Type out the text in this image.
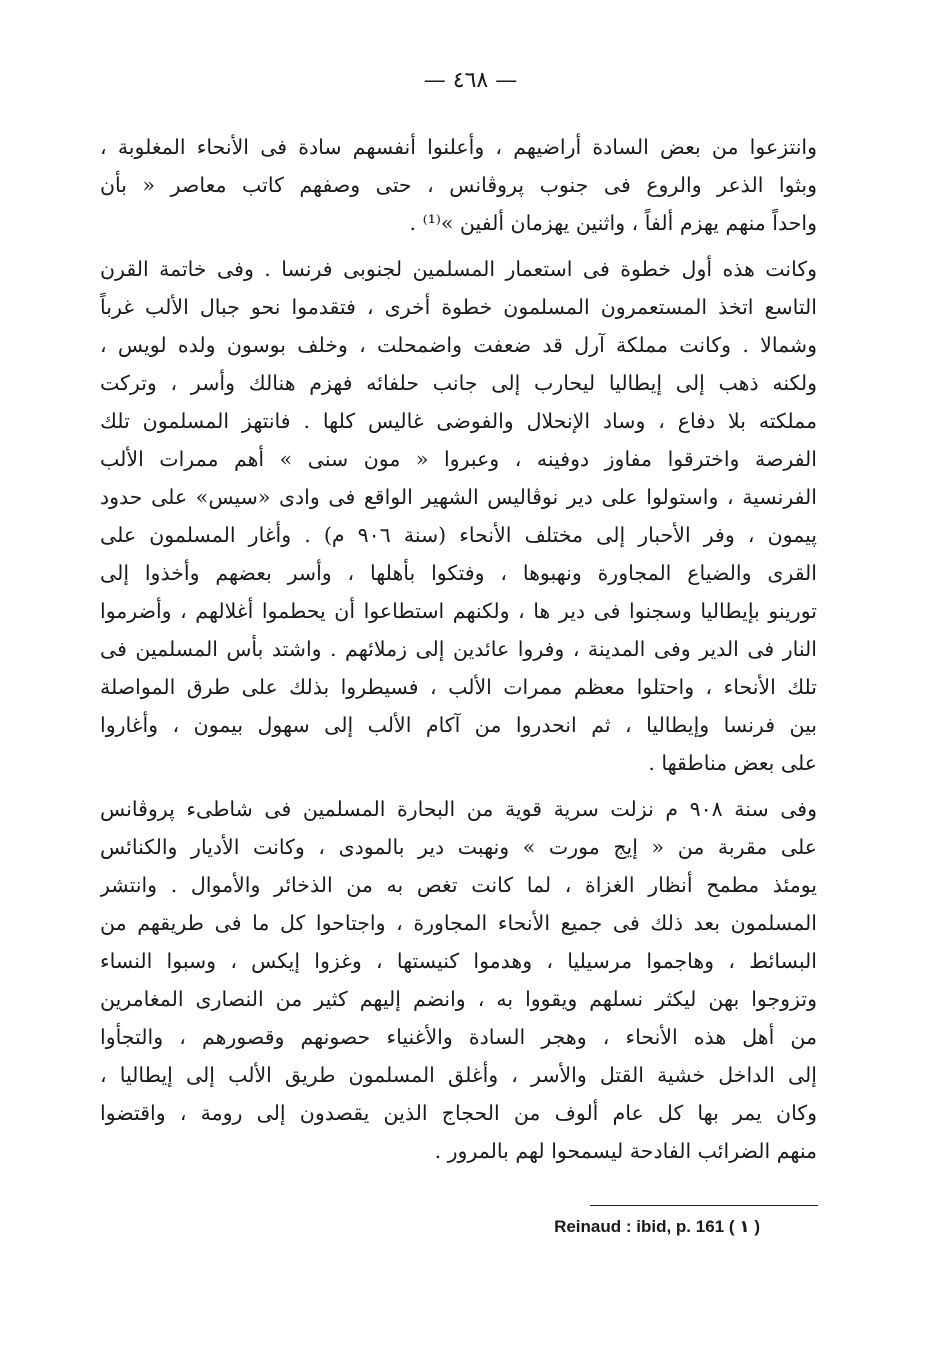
— ٤٦٨ —
وانتزعوا من بعض السادة أراضيهم ، وأعلنوا أنفسهم سادة فى الأنحاء المغلوبة ،
وبثوا الذعر والروع فى جنوب پروڤانس ، حتى وصفهم كاتب معاصر « بأن
واحداً منهم يهزم ألفاً ، واثنين يهزمان ألفين »⁽¹⁾ .
وكانت هذه أول خطوة فى استعمار المسلمين لجنوبى فرنسا . وفى خاتمة القرن
التاسع اتخذ المستعمرون المسلمون خطوة أخرى ، فتقدموا نحو جبال الألب غرباً
وشمالا . وكانت مملكة آرل قد ضعفت واضمحلت ، وخلف بوسون ولده لويس ،
ولكنه ذهب إلى إيطاليا ليحارب إلى جانب حلفائه فهزم هنالك وأسر ، وتركت
مملكته بلا دفاع ، وساد الإنحلال والفوضى غاليس كلها . فانتهز المسلمون تلك
الفرصة واخترقوا مفاوز دوفينه ، وعبروا « مون سنى » أهم ممرات الألب
الفرنسية ، واستولوا على دير نوڤاليس الشهير الواقع فى وادى «سيس» على حدود
پيمون ، وفر الأحبار إلى مختلف الأنحاء (سنة ٩٠٦ م) . وأغار المسلمون على
القرى والضياع المجاورة ونهبوها ، وفتكوا بأهلها ، وأسر بعضهم وأخذوا إلى
تورينو بإيطاليا وسجنوا فى دير ها ، ولكنهم استطاعوا أن يحطموا أغلالهم ، وأضرموا
النار فى الدير وفى المدينة ، وفروا عائدين إلى زملائهم . واشتد بأس المسلمين فى
تلك الأنحاء ، واحتلوا معظم ممرات الألب ، فسيطروا بذلك على طرق المواصلة
بين فرنسا وإيطاليا ، ثم انحدروا من آكام الألب إلى سهول بيمون ، وأغاروا
على بعض مناطقها .
وفى سنة ٩٠٨ م نزلت سرية قوية من البحارة المسلمين فى شاطىء پروڤانس
على مقربة من « إيج مورت » ونهبت دير بالمودى ، وكانت الأديار والكنائس
يومئذ مطمح أنظار الغزاة ، لما كانت تغص به من الذخائر والأموال . وانتشر
المسلمون بعد ذلك فى جميع الأنحاء المجاورة ، واجتاحوا كل ما فى طريقهم من
البسائط ، وهاجموا مرسيليا ، وهدموا كنيستها ، وغزوا إيكس ، وسبوا النساء
وتزوجوا بهن ليكثر نسلهم ويقووا به ، وانضم إليهم كثير من النصارى المغامرين
من أهل هذه الأنحاء ، وهجر السادة والأغنياء حصونهم وقصورهم ، والتجأوا
إلى الداخل خشية القتل والأسر ، وأغلق المسلمون طريق الألب إلى إيطاليا ،
وكان يمر بها كل عام ألوف من الحجاج الذين يقصدون إلى رومة ، واقتضوا
منهم الضرائب الفادحة ليسمحوا لهم بالمرور .
Reinaud : ibid, p. 161 ( ١ )
